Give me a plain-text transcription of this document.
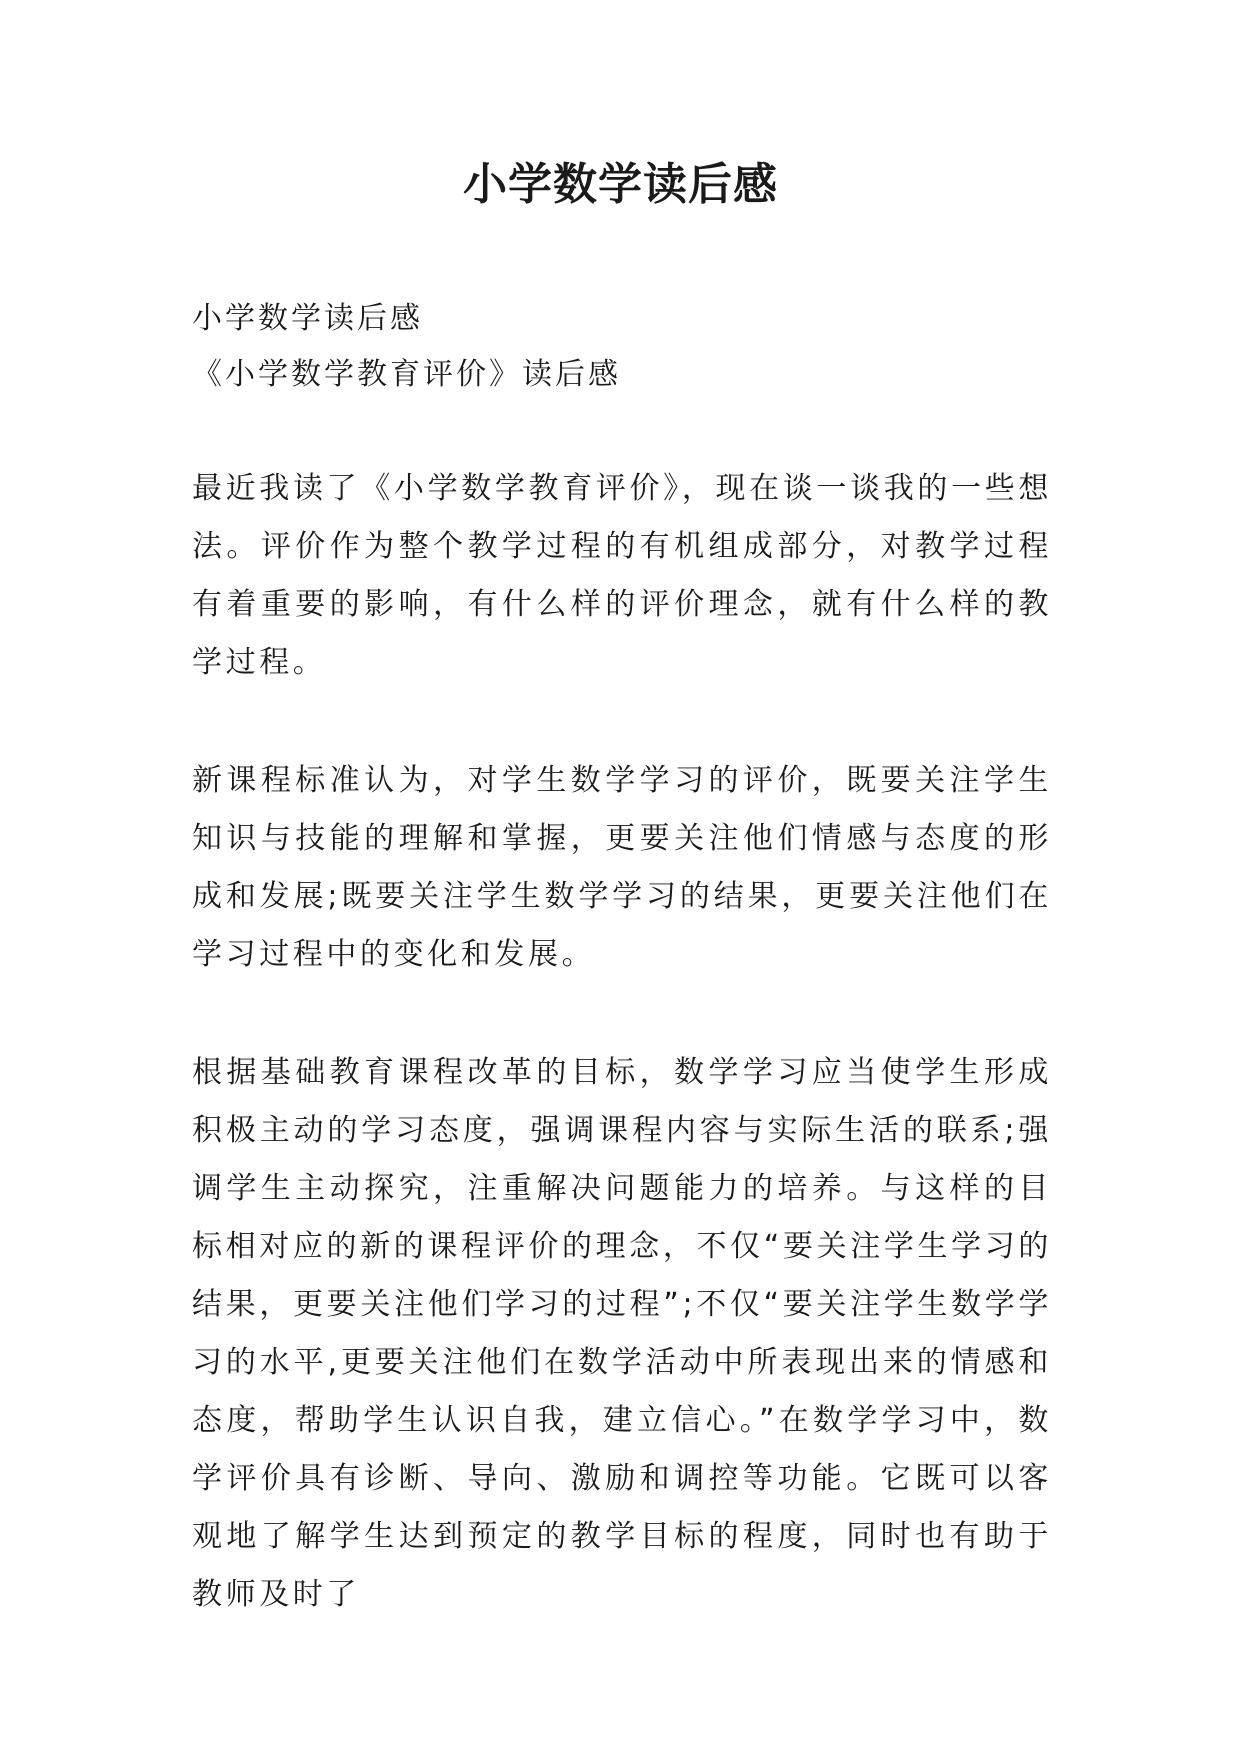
小学数学读后感
小学数学读后感
《小学数学教育评价》读后感
最近我读了《小学数学教育评价》，现在谈一谈我的一些想法。评价作为整个教学过程的有机组成部分，对教学过程有着重要的影响，有什么样的评价理念，就有什么样的教学过程。
新课程标准认为，对学生数学学习的评价，既要关注学生知识与技能的理解和掌握，更要关注他们情感与态度的形成和发展;既要关注学生数学学习的结果，更要关注他们在学习过程中的变化和发展。
根据基础教育课程改革的目标，数学学习应当使学生形成积极主动的学习态度，强调课程内容与实际生活的联系;强调学生主动探究，注重解决问题能力的培养。与这样的目标相对应的新的课程评价的理念，不仅“要关注学生学习的结果，更要关注他们学习的过程”;不仅“要关注学生数学学习的水平,更要关注他们在数学活动中所表现出来的情感和态度，帮助学生认识自我，建立信心。”在数学学习中，数学评价具有诊断、导向、激励和调控等功能。它既可以客观地了解学生达到预定的教学目标的程度，同时也有助于教师及时了
